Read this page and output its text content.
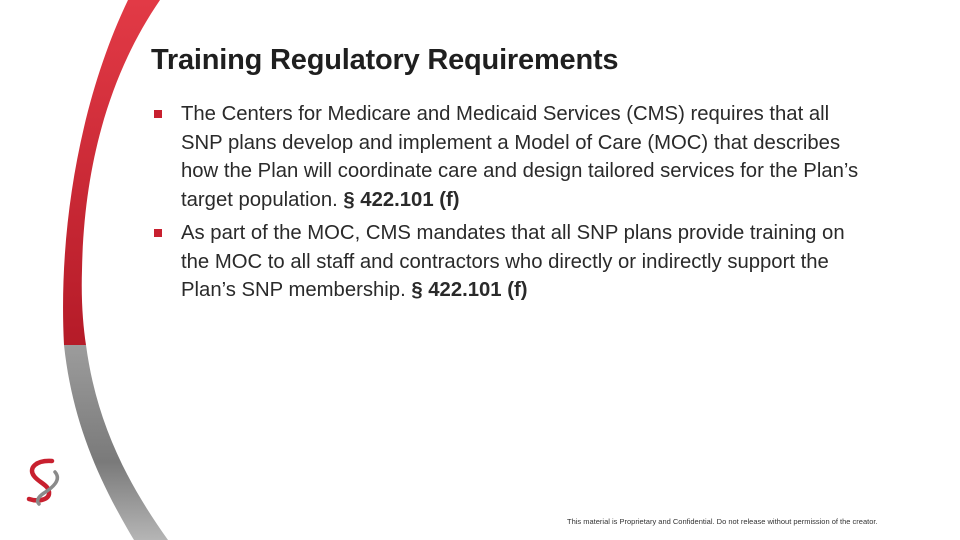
Training Regulatory Requirements
The Centers for Medicare and Medicaid Services (CMS) requires that all SNP plans develop and implement a Model of Care (MOC) that describes how the Plan will coordinate care and design tailored services for the Plan’s target population. § 422.101 (f)
As part of the MOC, CMS mandates that all SNP plans provide training on the MOC to all staff and contractors who directly or indirectly support the Plan’s SNP membership. § 422.101 (f)
This material is Proprietary and Confidential. Do not release without permission of the creator.
